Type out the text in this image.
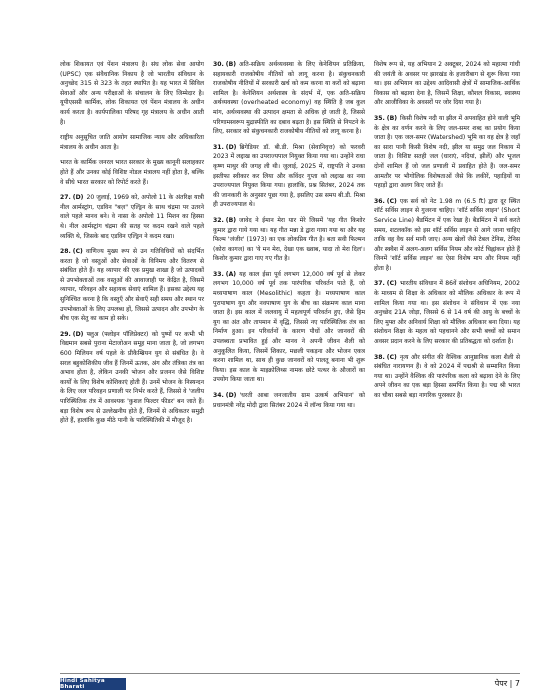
लोक शिकायत एवं पेंशन मंत्रालय है। संघ लोक सेवा आयोग (UPSC) एक संवैधानिक निकाय है जो भारतीय संविधान के अनुच्छेद 315 से 323 के तहत स्थापित है। यह भारत में सिविल सेवाओं और अन्य परीक्षाओं के संचालन के लिए जिम्मेदार है। यूपीएससी कार्मिक, लोक शिकायत एवं पेंशन मंत्रालय के अधीन कार्य करता है। कार्यपालिका परिषद गृह मंत्रालय के अधीन आती है।
राष्ट्रीय अनुसूचित जाति आयोग सामाजिक न्याय और अधिकारिता मंत्रालय के अधीन आता है।
भारत के कार्मिक जनरल भारत सरकार के मुख्य कानूनी सलाहकार होते हैं और उनका कोई विशिष्ट नोडल मंत्रालय नहीं होता है, बल्कि वे सीधे भारत सरकार को रिपोर्ट करते हैं।
27. (D) 20 जुलाई, 1969 को, अपोलो 11 के अंतरिक्ष यात्री नील आर्मस्ट्रांग, एडविन "बज़" एल्ड्रिन के साथ चंद्रमा पर उतरने वाले पहले मानव बने। वे नासा के अपोलो 11 मिशन का हिस्सा थे। नील आर्मस्ट्रांग चंद्रमा की सतह पर कदम रखने वाले पहले व्यक्ति थे, जिसके बाद एडविन एल्ड्रिन ने कदम रखा।
28. (C) वाणिज्य मुख्य रूप से उन गतिविधियों को संदर्भित करता है जो वस्तुओं और सेवाओं के विनिमय और वितरण से संबंधित होते हैं। यह व्यापार की एक प्रमुख शाखा है जो उत्पादकों से उपभोक्ताओं तक वस्तुओं की आवाजाही पर केंद्रित है, जिसमें व्यापार, परिवहन और सहायक सेवाएं शामिल हैं। इसका उद्देश्य यह सुनिश्चित करना है कि वस्तुएँ और सेवाएँ सही समय और स्थान पर उपभोक्ताओं के लिए उपलब्ध हों, जिससे उत्पादन और उपभोग के बीच एक सेतु का काम हो सके।
29. (D) फ्लुअ (फ्लोइन पॉलिप्रेक्टर) को पुष्पों पर कभी भी विद्यमान सबसे पुराना मेटाजोअन समूह माना जाता है, जो लगभग 600 मिलियन वर्ष पहले के प्रीकैम्ब्रियन युग से संबंधित है। वे सरल बहुकोशिकीय जीव हैं जिनमें ऊतक, अंग और तंत्रिका तंत्र का अभाव होता है, लेकिन उनकी भोजन और प्रजनन जैसे विशिष्ट कार्यों के लिए विशेष कोशिकाएं होती हैं। उनमें भोजन के निस्यन्दन के लिए जल परिवहन प्रणाली पर निर्भर करते हैं, जिससे वे 'जलीय पारिस्थितिक तंत्र में आवश्यक 'कुशल फिल्टर फीडर' बन जाते हैं। बड़ा विशेष रूप से उल्लेखनीय होते हैं, जिनमें से अधिकतर समुद्री होते हैं, हालांकि कुछ मीठे पानी के पारिस्थितिकी में मौजूद है।
30. (B) अति-सक्रिय अर्थव्यवस्था के लिए केनेशियन प्रतिक्रिया, सहायकारी राजकोषीय नीतियों को लागू करना है। संकुचनकारी राजकोषीय नीतियों में सरकारी खर्च को कम करना या करों को बढ़ाना शामिल है। केनेशियन अर्थशास्त्र के संदर्भ में, एक अति-सक्रिय अर्थव्यवस्था (overheated economy) वह स्थिति है जब कुल मांग, अर्थव्यवस्था की उत्पादन क्षमता से अधिक हो जाती है, जिससे परिणामस्वरूप मुद्रास्फीति का दबाव बढ़ता है। इस स्थिति से निपटने के लिए, सरकार को संकुचनकारी राजकोषीय नीतियों को लागू करना है।
31. (D) ब्रिगेडियर डॉ. बी.डी. मिश्रा (सेवानिवृत्त) को फरवरी 2023 में लद्दाख का उपराज्यपाल नियुक्त किया गया था। उन्होंने राधा कृष्ण माथुर की जगह ली थी। जुलाई, 2025 में, राष्ट्रपति ने उनका इस्तीफा स्वीकार कर लिया और कविंदर गुप्ता को लद्दाख का नया उपराज्यपाल नियुक्त किया गया। हालांकि, प्रश्न सितंबर, 2024 तक की जानकारी के अनुसार पूछा गया है, इसलिए उस समय बी.डी. मिश्रा ही उपराज्यपाल थे।
32. (B) जावेद ने ईमान मेरा यार मेरे जिसमें 'यह गीत किशोर कुमार द्वारा गाये गया था। यह गीत मन्ना डे द्वारा गाया गया था और यह फिल्म 'जंजीर' (1973) का एक लोकप्रिय गीत है। बता सवी फिल्मन (कोरा कागज) का 'ये मन मेरा, देखा एक ख्वाब, यादा तो मेरा दिल'। किशोर कुमार द्वारा गाए गए गीत है।
33. (A) यह काल ईसा पूर्व लगभग 12,000 वर्ष पूर्व से लेकर लगभग 10,000 वर्ष पूर्व तक पारंपरिक परिवर्तन पाते हैं, जो मध्यपाषाण काल (Mesolithic) कहता है। मध्यपाषाण काल पुरापाषाण युग और नवपाषाण युग के बीच का संक्रमण काल माना जाता है। इस काल में जलवायु में महत्वपूर्ण परिवर्तन हुए, जैसे हिम युग का अंत और तापमान में वृद्धि, जिससे नए पारिस्थितिक तंत्र का निर्माण हुआ। इन परिवर्तनों के कारण पौधों और जानवरों की उपलब्धता प्रभावित हुई और मानव ने अपनी जीवन शैली को अनुकूलित किया, जिसमें शिकार, मछली पकड़ना और भोजन एकत्र करना शामिल था, साथ ही कुछ जानवरों को पालतू बनाना भी शुरू किया। इस काल के माइक्रोलिथ्स नामक छोटे पत्थर के औजारों का उपयोग किया जाता था।
34. (D) 'धरती आबा जनजातीय ग्राम उत्कर्ष अभियान' को प्रधानमंत्री नरेंद्र मोदी द्वारा सितंबर 2024 में लॉन्च किया गया था।
विशेष रूप से, यह अभियान 2 अक्टूबर, 2024 को महात्मा गांधी की जयंती के अवसर पर झारखंड के हजारीबाग से शुरू किया गया था। इस अभियान का उद्देश्य आदिवासी क्षेत्रों में सामाजिक-आर्थिक विकास को बढ़ावा देना है, जिसमें शिक्षा, कौशल विकास, स्वास्थ्य और आजीविका के अवसरों पर जोर दिया गया है।
35. (B) किसी विशेष नदी या झील में अपवाहित होने वाली भूमि के क्षेत्र का वर्णन करने के लिए जल-समर शब्द का प्रयोग किया जाता है। एक जल-समर (Watershed) भूमि का वह क्षेत्र है जहाँ का सारा पानी किसी विशेष नदी, झील या समुद्र जल निकाय में जाता है। विशिष्ट सतही जल (धाराएं, नदियां, झीलें) और भूजल दोनों शामिल हैं जो जल प्रणाली में प्रवाहित होते हैं। जल-समर आमतौर पर भौगोलिक विशेषताओं जैसे कि लकीरें, पहाड़ियों या पहाड़ों द्वारा अलग किए जाते हैं।
36. (C) एक सर्व को नेट 1.98 m (6.5 ft) द्वारा दूर स्थित शॉर्ट सर्विस लाइन से गुजरना चाहिए। 'शॉर्ट सर्विस लाइन' (Short Service Line) बैडमिंटन में एक रेखा है। बैडमिंटन में सर्व करते समय, शटलकॉक को इस शॉर्ट सर्विस लाइन से आगे जाना चाहिए ताकि वह वैध सर्व मानी जाए। अन्य खेलों जैसे टेबल टेनिस, टेनिस और स्क्वैश में अलग-अलग सर्विस नियम और कोर्ट चिह्नांकन होते हैं जिनमें 'शॉर्ट सर्विस लाइन' का ऐसा विशेष माप और नियम नहीं होता है।
37. (C) भारतीय संविधान में 86वें संशोधन अधिनियम, 2002 के माध्यम से शिक्षा के अधिकार को मौलिक अधिकार के रूप में शामिल किया गया था। इस संशोधन ने संविधान में एक नया अनुच्छेद 21A जोड़ा, जिससे 6 से 14 वर्ष की आयु के बच्चों के लिए मुफ्त और अनिवार्य शिक्षा को मौलिक अधिकार बना दिया। यह संशोधन शिक्षा के महत्व को पहचानने और सभी बच्चों को समान अवसर प्रदान करने के लिए सरकार की प्रतिबद्धता को दर्शाता है।
38. (C) नृत्य और संगीत की वैश्विक आनुष्ठानिक कला शैली से संबंधित नारायणन हैं। वे को 2024 में पद्मश्री से सम्मानित किया गया था। उन्होंने वैश्विक की पारंपरिक कला को बढ़ावा देने के लिए अपने जीवन का एक बड़ा हिस्सा समर्पित किया है। पद्म श्री भारत का चौथा सबसे बड़ा नागरिक पुरस्कार है।
Hindi Sahitya Bharati	पेपर | 7
